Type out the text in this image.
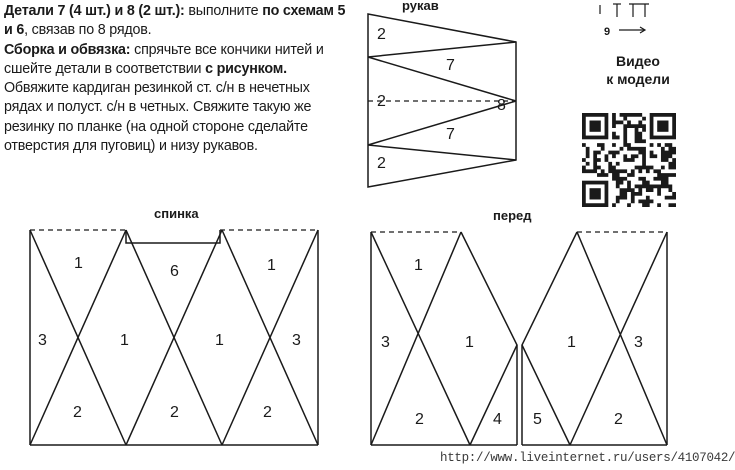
Детали 7 (4 шт.) и 8 (2 шт.): выполните по схемам 5 и 6, связав по 8 рядов.

Сборка и обвязка: спрячьте все кончики нитей и сшейте детали в соответствии с рисунком. Обвяжите кардиган резинкой ст. с/н в нечетных рядах и полуст. с/н в четных. Свяжите такую же резинку по планке (на одной стороне сделайте отверстия для пуговиц) и низу рукавов.

Видео
к модели
9
рукав
2
7
2	8
7
2
спинка
1	6	1
3	1	1	3
2	2	2
перед
1
3	1
2	4 5
1	3
2
http://www.liveinternet.ru/users/4107042/
